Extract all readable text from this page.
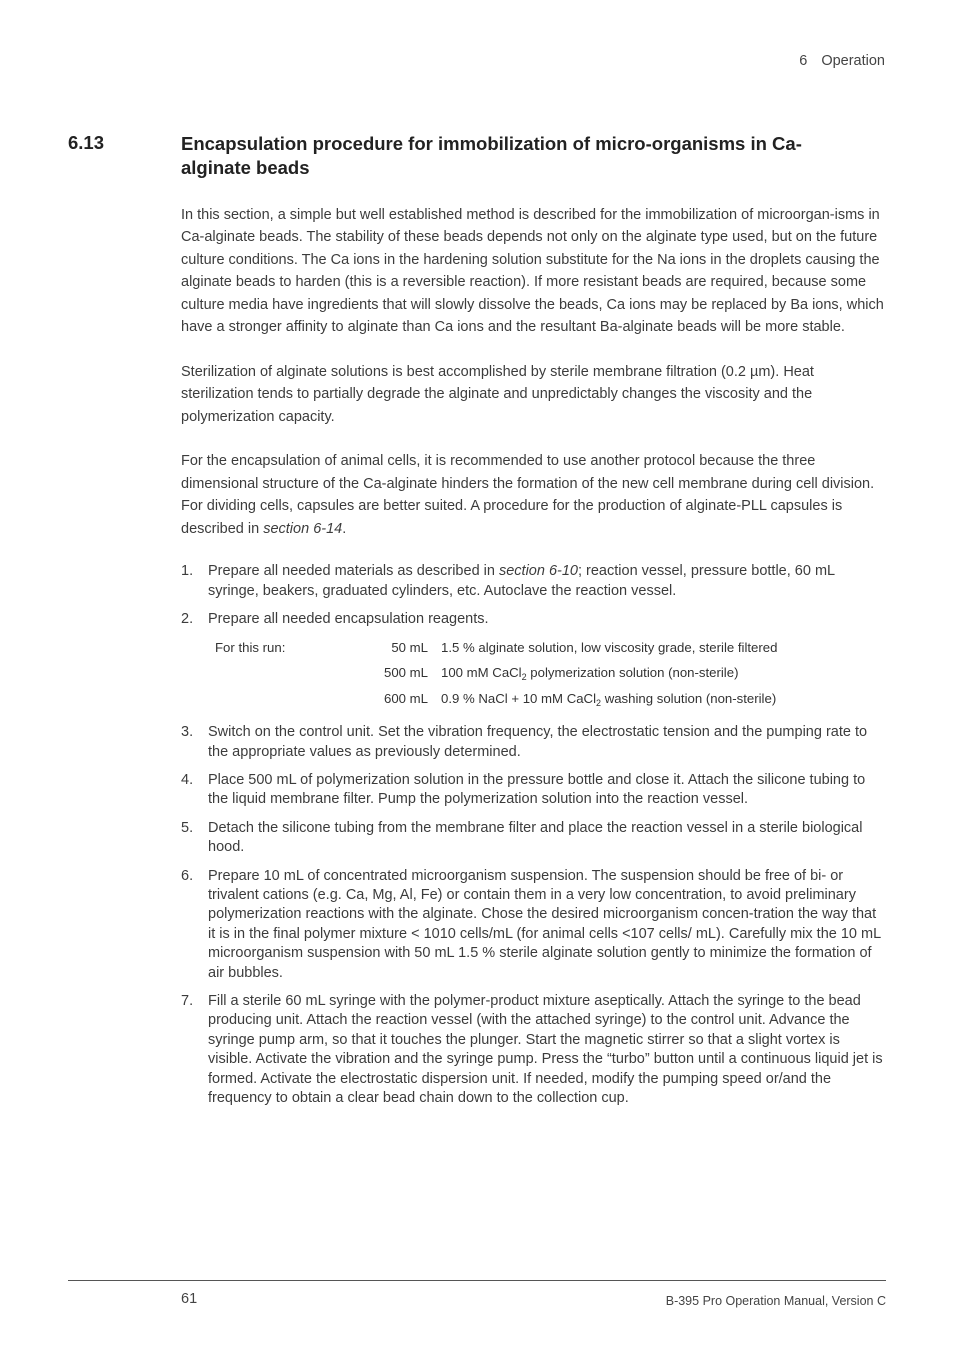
6 Operation
6.13	Encapsulation procedure for immobilization of micro-organisms in Ca-alginate beads

In this section, a simple but well established method is described for the immobilization of microorgan-isms in Ca-alginate beads. The stability of these beads depends not only on the alginate type used, but on the future culture conditions. The Ca ions in the hardening solution substitute for the Na ions in the droplets causing the alginate beads to harden (this is a reversible reaction). If more resistant beads are required, because some culture media have ingredients that will slowly dissolve the beads, Ca ions may be replaced by Ba ions, which have a stronger affinity to alginate than Ca ions and the resultant Ba-alginate beads will be more stable.

Sterilization of alginate solutions is best accomplished by sterile membrane filtration (0.2 µm). Heat sterilization tends to partially degrade the alginate and unpredictably changes the viscosity and the polymerization capacity.

For the encapsulation of animal cells, it is recommended to use another protocol because the three dimensional structure of the Ca-alginate hinders the formation of the new cell membrane during cell division. For dividing cells, capsules are better suited. A procedure for the production of alginate-PLL capsules is described in section 6-14.

1. Prepare all needed materials as described in section 6-10; reaction vessel, pressure bottle, 60 mL syringe, beakers, graduated cylinders, etc. Autoclave the reaction vessel.
2. Prepare all needed encapsulation reagents.
For this run:	50 mL	1.5 % alginate solution, low viscosity grade, sterile filtered
	500 mL	100 mM CaCl$_2$ polymerization solution (non-sterile)
	600 mL	0.9 % NaCl + 10 mM CaCl$_2$ washing solution (non-sterile)
3. Switch on the control unit. Set the vibration frequency, the electrostatic tension and the pumping rate to the appropriate values as previously determined.
4. Place 500 mL of polymerization solution in the pressure bottle and close it. Attach the silicone tubing to the liquid membrane filter. Pump the polymerization solution into the reaction vessel.
5. Detach the silicone tubing from the membrane filter and place the reaction vessel in a sterile biological hood.
6. Prepare 10 mL of concentrated microorganism suspension. The suspension should be free of bi- or trivalent cations (e.g. Ca, Mg, Al, Fe) or contain them in a very low concentration, to avoid preliminary polymerization reactions with the alginate. Chose the desired microorganism concen-tration the way that it is in the final polymer mixture < 1010 cells/mL (for animal cells <107 cells/ mL). Carefully mix the 10 mL microorganism suspension with 50 mL 1.5 % sterile alginate solution gently to minimize the formation of air bubbles.
7. Fill a sterile 60 mL syringe with the polymer-product mixture aseptically. Attach the syringe to the bead producing unit. Attach the reaction vessel (with the attached syringe) to the control unit. Advance the syringe pump arm, so that it touches the plunger. Start the magnetic stirrer so that a slight vortex is visible. Activate the vibration and the syringe pump. Press the “turbo” button until a continuous liquid jet is formed. Activate the electrostatic dispersion unit. If needed, modify the pumping speed or/and the frequency to obtain a clear bead chain down to the collection cup.
61	B-395 Pro Operation Manual, Version C
